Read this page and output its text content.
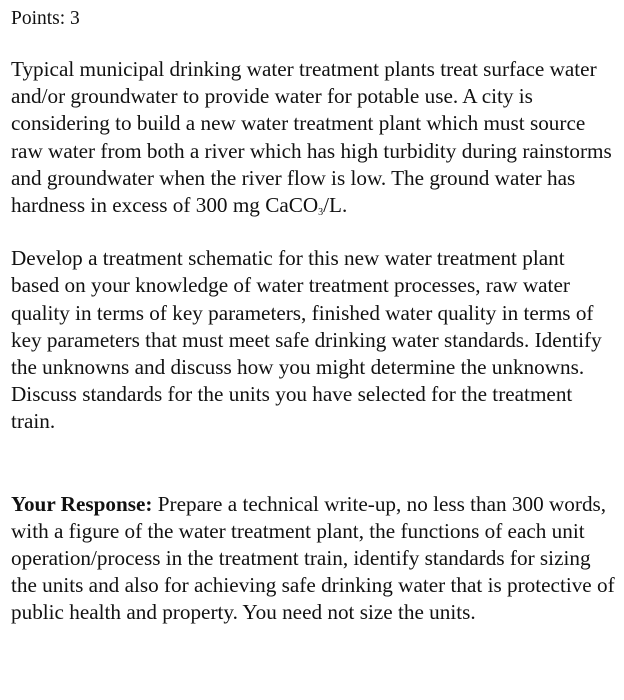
Points: 3

Typical municipal drinking water treatment plants treat surface water and/or groundwater to provide water for potable use. A city is considering to build a new water treatment plant which must source raw water from both a river which has high turbidity during rainstorms and groundwater when the river flow is low. The ground water has hardness in excess of 300 mg CaCO$_3$/L.

Develop a treatment schematic for this new water treatment plant based on your knowledge of water treatment processes, raw water quality in terms of key parameters, finished water quality in terms of key parameters that must meet safe drinking water standards. Identify the unknowns and discuss how you might determine the unknowns. Discuss standards for the units you have selected for the treatment train.

Your Response: Prepare a technical write-up, no less than 300 words, with a figure of the water treatment plant, the functions of each unit operation/process in the treatment train, identify standards for sizing the units and also for achieving safe drinking water that is protective of public health and property. You need not size the units.
